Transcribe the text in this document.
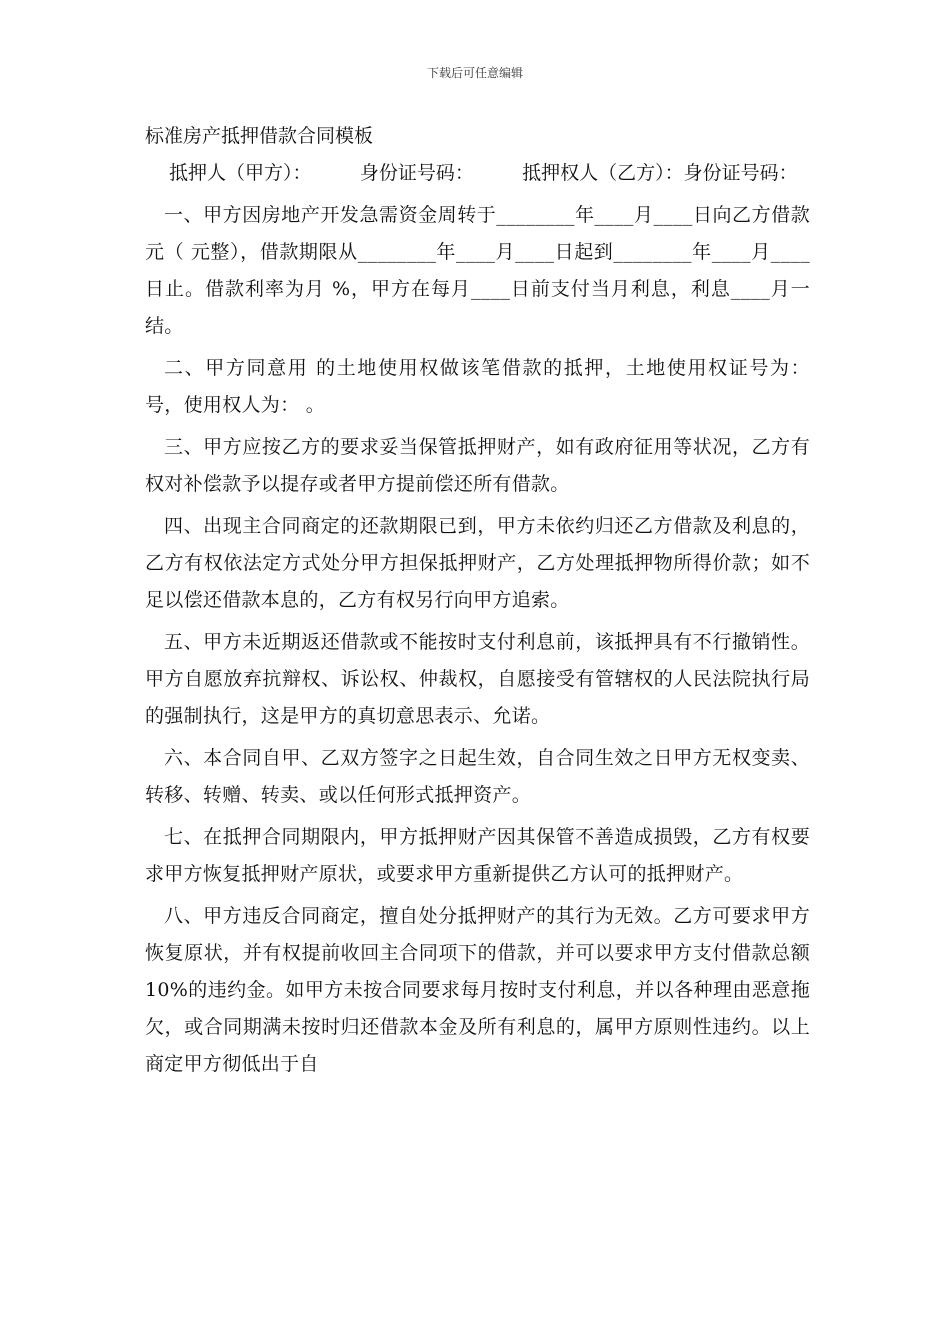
下载后可任意编辑

标准房产抵押借款合同模板

抵押人（甲方）：        身份证号码：        抵押权人（乙方）：身份证号码：

一、甲方因房地产开发急需资金周转于________年____月____日向乙方借款 元（ 元整），借款期限从________年____月____日起到________年____月____日止。借款利率为月 %，甲方在每月____日前支付当月利息，利息____月一结。

二、甲方同意用 的土地使用权做该笔借款的抵押，土地使用权证号为： 号，使用权人为： 。

三、甲方应按乙方的要求妥当保管抵押财产，如有政府征用等状况，乙方有权对补偿款予以提存或者甲方提前偿还所有借款。

四、出现主合同商定的还款期限已到，甲方未依约归还乙方借款及利息的，乙方有权依法定方式处分甲方担保抵押财产，乙方处理抵押物所得价款；如不足以偿还借款本息的，乙方有权另行向甲方追索。

五、甲方未近期返还借款或不能按时支付利息前，该抵押具有不行撤销性。甲方自愿放弃抗辩权、诉讼权、仲裁权，自愿接受有管辖权的人民法院执行局的强制执行，这是甲方的真切意思表示、允诺。

六、本合同自甲、乙双方签字之日起生效，自合同生效之日甲方无权变卖、转移、转赠、转卖、或以任何形式抵押资产。

七、在抵押合同期限内，甲方抵押财产因其保管不善造成损毁，乙方有权要求甲方恢复抵押财产原状，或要求甲方重新提供乙方认可的抵押财产。

八、甲方违反合同商定，擅自处分抵押财产的其行为无效。乙方可要求甲方恢复原状，并有权提前收回主合同项下的借款，并可以要求甲方支付借款总额 10%的违约金。如甲方未按合同要求每月按时支付利息，并以各种理由恶意拖欠，或合同期满未按时归还借款本金及所有利息的，属甲方原则性违约。以上商定甲方彻低出于自
